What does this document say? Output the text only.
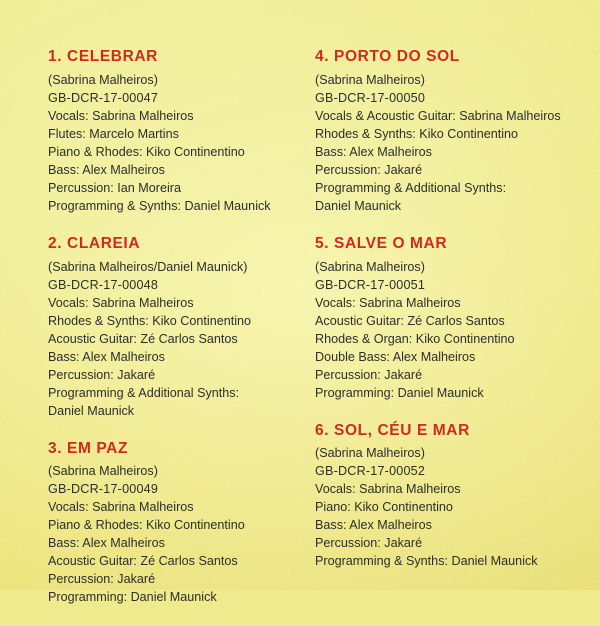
1. CELEBRAR
(Sabrina Malheiros)
GB-DCR-17-00047
Vocals: Sabrina Malheiros
Flutes: Marcelo Martins
Piano & Rhodes: Kiko Continentino
Bass: Alex Malheiros
Percussion: Ian Moreira
Programming & Synths: Daniel Maunick
2. CLAREIA
(Sabrina Malheiros/Daniel Maunick)
GB-DCR-17-00048
Vocals: Sabrina Malheiros
Rhodes & Synths: Kiko Continentino
Acoustic Guitar: Zé Carlos Santos
Bass: Alex Malheiros
Percussion: Jakaré
Programming & Additional Synths:
Daniel Maunick
3. EM PAZ
(Sabrina Malheiros)
GB-DCR-17-00049
Vocals: Sabrina Malheiros
Piano & Rhodes: Kiko Continentino
Bass: Alex Malheiros
Acoustic Guitar: Zé Carlos Santos
Percussion: Jakaré
Programming: Daniel Maunick
4. PORTO DO SOL
(Sabrina Malheiros)
GB-DCR-17-00050
Vocals & Acoustic Guitar: Sabrina Malheiros
Rhodes & Synths: Kiko Continentino
Bass: Alex Malheiros
Percussion: Jakaré
Programming & Additional Synths:
Daniel Maunick
5. SALVE O MAR
(Sabrina Malheiros)
GB-DCR-17-00051
Vocals: Sabrina Malheiros
Acoustic Guitar: Zé Carlos Santos
Rhodes & Organ: Kiko Continentino
Double Bass: Alex Malheiros
Percussion: Jakaré
Programming: Daniel Maunick
6. SOL, CÉU E MAR
(Sabrina Malheiros)
GB-DCR-17-00052
Vocals: Sabrina Malheiros
Piano: Kiko Continentino
Bass: Alex Malheiros
Percussion: Jakaré
Programming & Synths: Daniel Maunick
